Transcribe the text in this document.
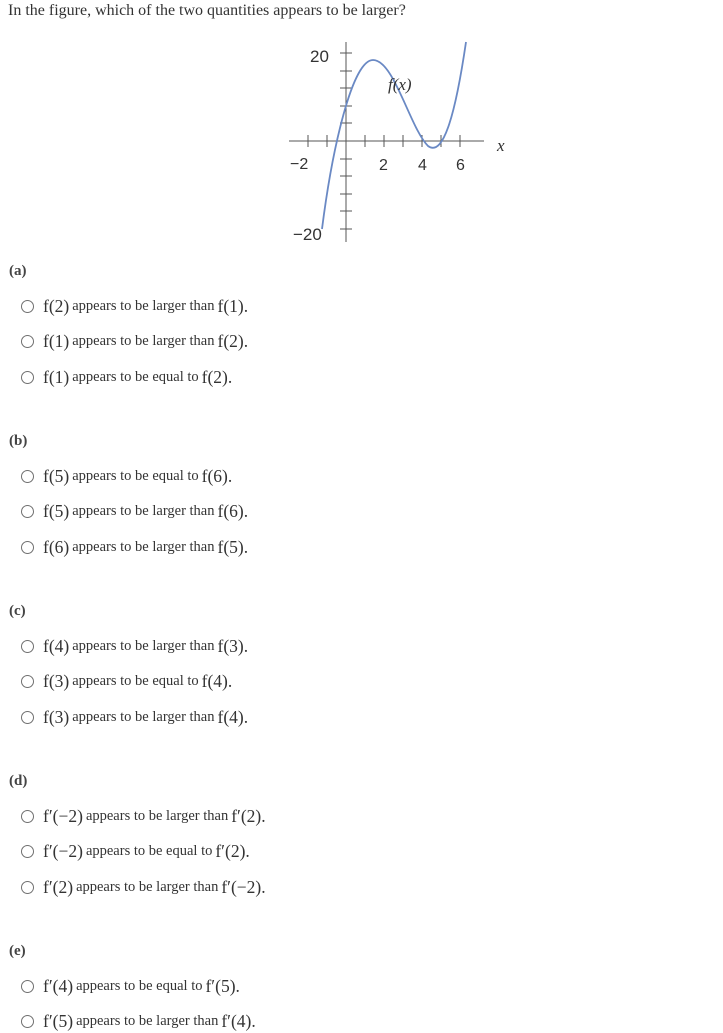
In the figure, which of the two quantities appears to be larger?
20
−20
−2	2 4 6
x
f(x)
(a)
f(2) appears to be larger than f(1).
f(1) appears to be larger than f(2).
f(1) appears to be equal to f(2).
(b)
f(5) appears to be equal to f(6).
f(5) appears to be larger than f(6).
f(6) appears to be larger than f(5).
(c)
f(4) appears to be larger than f(3).
f(3) appears to be equal to f(4).
f(3) appears to be larger than f(4).
(d)
f′(−2) appears to be larger than f′(2).
f′(−2) appears to be equal to f′(2).
f′(2) appears to be larger than f′(−2).
(e)
f′(4) appears to be equal to f′(5).
f′(5) appears to be larger than f′(4).
